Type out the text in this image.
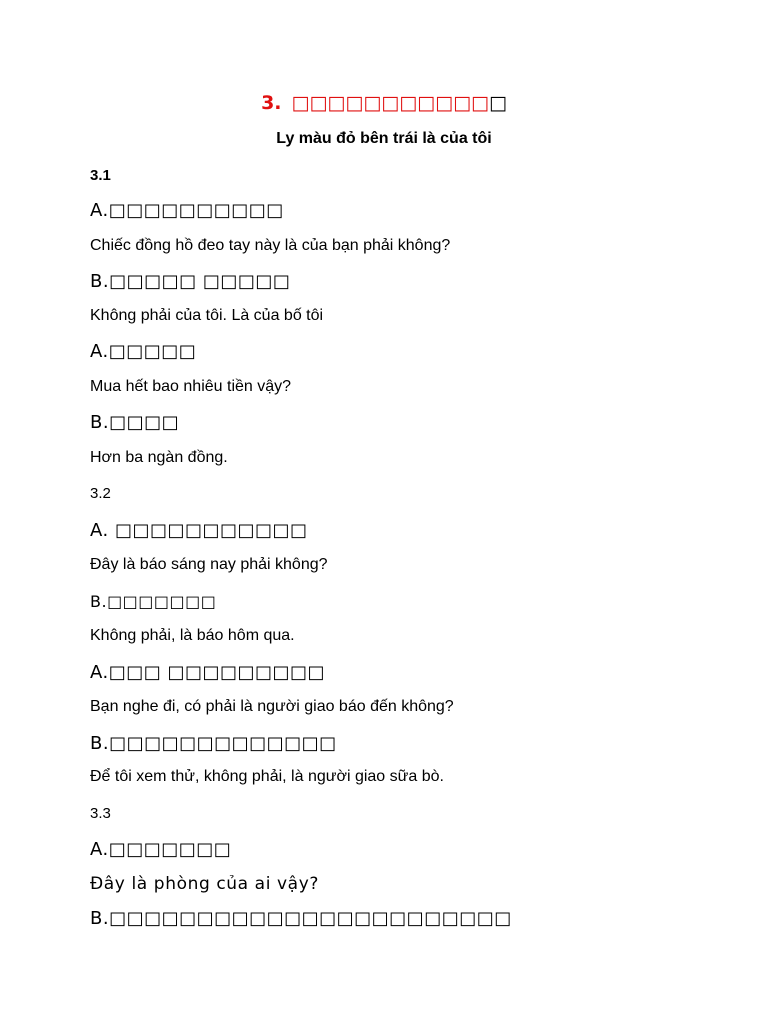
3. □□□□□□□□□□□□
Ly màu đỏ bên trái là của tôi
3.1
A.□□□□□□□□□□
Chiếc đồng hồ đeo tay này là của bạn phải không?
B.□□□□□ □□□□□
Không phải của tôi. Là của bố tôi
A.□□□□□
Mua hết bao nhiêu tiền vậy?
B.□□□□
Hơn ba ngàn đồng.
3.2
A. □□□□□□□□□□□
Đây là báo sáng nay phải không?
B.□□□□□□□
Không phải, là báo hôm qua.
A.□□□ □□□□□□□□□
Bạn nghe đi, có phải là người giao báo đến không?
B.□□□□□□□□□□□□□
Để tôi xem thử, không phải, là người giao sữa bò.
3.3
A.□□□□□□□
Đây là phòng của ai vậy?
B.□□□□□□□□□□□□□□□□□□□□□□□
